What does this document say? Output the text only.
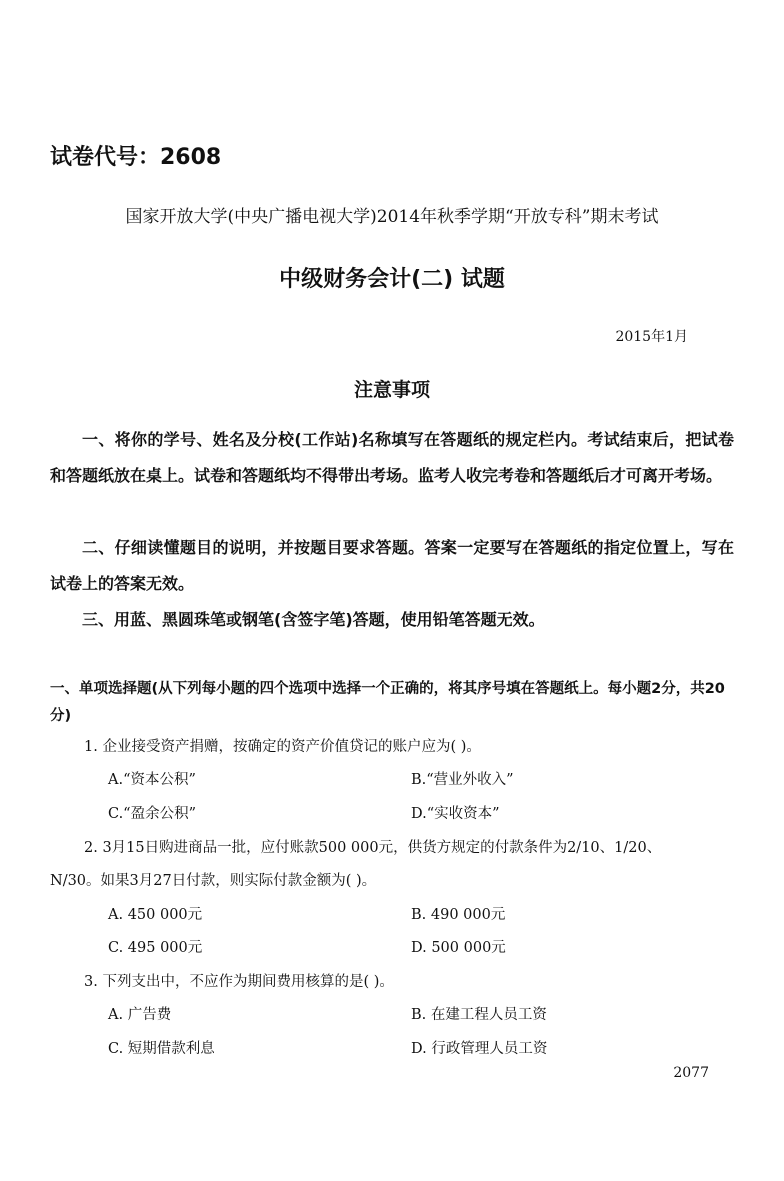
试卷代号：2608
国家开放大学(中央广播电视大学)2014年秋季学期“开放专科”期末考试
中级财务会计(二) 试题
2015年1月
注意事项
一、将你的学号、姓名及分校(工作站)名称填写在答题纸的规定栏内。考试结束后，把试卷和答题纸放在桌上。试卷和答题纸均不得带出考场。监考人收完考卷和答题纸后才可离开考场。
二、仔细读懂题目的说明，并按题目要求答题。答案一定要写在答题纸的指定位置上，写在试卷上的答案无效。
三、用蓝、黑圆珠笔或钢笔(含签字笔)答题，使用铅笔答题无效。
一、单项选择题(从下列每小题的四个选项中选择一个正确的，将其序号填在答题纸上。每小题2分，共20分)
1. 企业接受资产捐赠，按确定的资产价值贷记的账户应为( )。
A.“资本公积”	B.“营业外收入”
C.“盈余公积”	D.“实收资本”
2. 3月15日购进商品一批，应付账款500 000元，供货方规定的付款条件为2/10、1/20、
N/30。如果3月27日付款，则实际付款金额为( )。
A. 450 000元	B. 490 000元
C. 495 000元	D. 500 000元
3. 下列支出中，不应作为期间费用核算的是( )。
A. 广告费	B. 在建工程人员工资
C. 短期借款利息	D. 行政管理人员工资
2077
